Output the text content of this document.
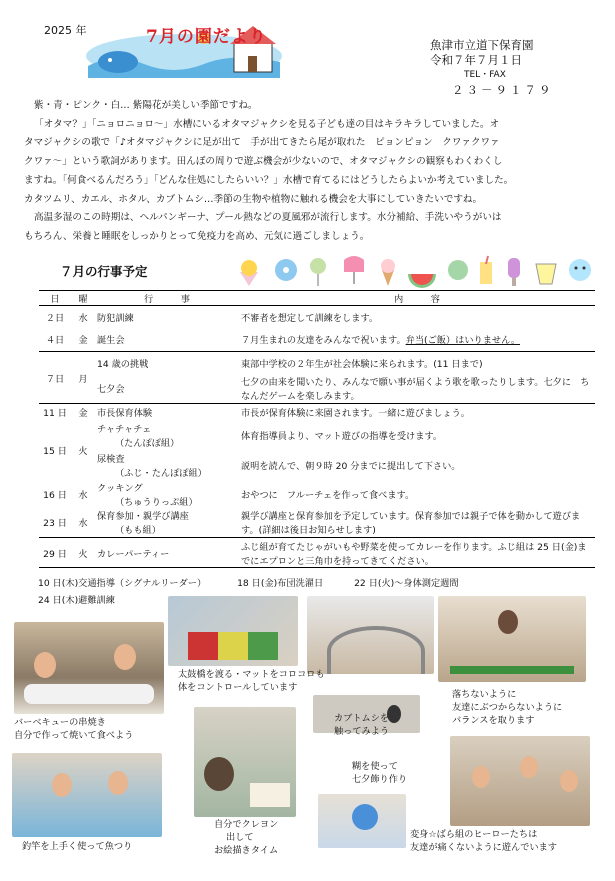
2025 年	7月の園だより	魚津市立道下保育園
令和７年７月１日
TEL・FAX
２３－９１７９

紫・青・ピンク・白… 紫陽花が美しい季節ですね。

「オタマ？」「ニョロニョロ～」水槽にいるオタマジャクシを見る子ども達の目はキラキラしていました。オ

タマジャクシの歌で「♪オタマジャクシに足が出て　手が出てきたら尾が取れた　ピョンピョン　クワァクワァ

クワァ～」という歌詞があります。田んぼの周りで遊ぶ機会が少ないので、オタマジャクシの観察もわくわくし

ますね。「何食べるんだろう」「どんな住処にしたらいい？」水槽で育てるにはどうしたらよいか考えていました。

カタツムリ、カエル、ホタル、カブトムシ…季節の生物や植物に触れる機会を大事にしていきたいですね。

高温多湿のこの時期は、ヘルパンギーナ、プール熱などの夏風邪が流行します。水分補給、手洗いやうがいは

もちろん、栄養と睡眠をしっかりとって免疫力を高め、元気に過ごしましょう。

７月の行事予定
日	曜	行　　　事	内　　　容
２日	水	防犯訓練	不審者を想定して訓練をします。
４日	金	誕生会	７月生まれの友達をみんなで祝います。弁当(ご飯）はいりません。
７日	月	14 歳の挑戦	東部中学校の２年生が社会体験に来られます。(11 日まで)
		七夕会	七夕の由来を聞いたり、みんなで願い事が届くよう歌を歌ったりします。七夕に　ちなんだゲームを楽しみます。
11 日	金	市長保育体験	市長が保育体験に来園されます。一緒に遊びましょう。
15 日	火	チャチャチェ
（たんぽぽ組）	体育指導員より、マット遊びの指導を受けます。
		尿検査
（ふじ・たんぽぽ組）	説明を読んで、朝９時 20 分までに提出して下さい。
16 日	水	クッキング
（ちゅうりっぷ組）	おやつに　フルーチェを作って食べます。
23 日	水	保育参加・親学び講座
（もも組）	親学び講座と保育参加を予定しています。保育参加では親子で体を動かして遊びます。(詳細は後日お知らせします)
29 日	火	カレーパーティー	ふじ組が育てたじゃがいもや野菜を使ってカレーを作ります。ふじ組は 25 日(金)までにエプロンと三角巾を持ってきてください。
10 日(木)交通指導（シグナルリーダー）	18 日(金)布団洗濯日	22 日(火)～身体測定週間
24 日(木)避難訓練
バーベキューの串焼き
自分で作って焼いて食べよう
太鼓橋を渡る・マットをコロコロも
体をコントロールしています
落ちないように
友達にぶつからないように
バランスを取ります
カブトムシを
触ってみよう
糊を使って
七夕飾り作り
自分でクレヨン
出して
お絵描きタイム
釣竿を上手く使って魚つり
変身☆ばら組のヒーローたちは
友達が痛くないように遊んでいます
